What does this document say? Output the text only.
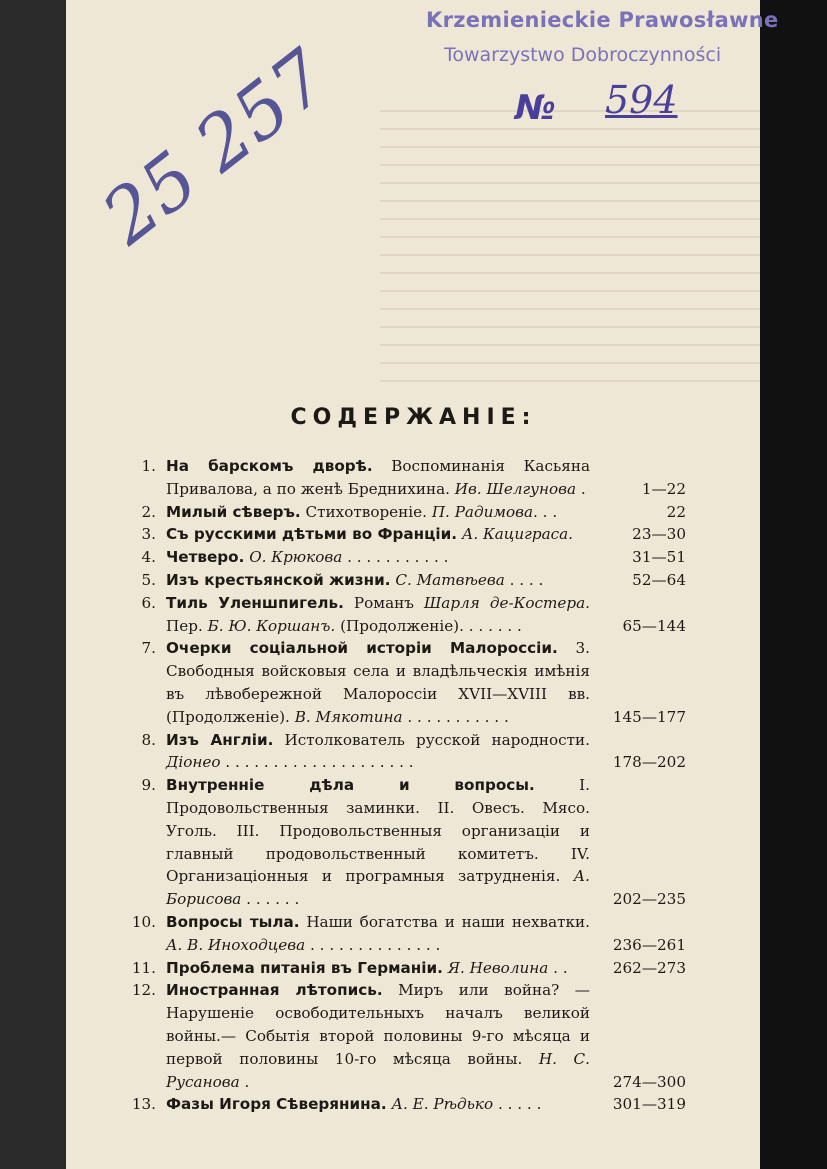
Krzemienieckie Prawosławne
Towarzystwo Dobroczynności
№ 594
25 257
СОДЕРЖАНІЕ:
1. На барскомъ дворѣ. Воспоминанія Касьяна Привалова, а по женѣ Бреднихина. Ив. Шелгунова .	1—22
2. Милый сѣверъ. Стихотвореніе. П. Радимова. . .	22
3. Съ русскими дѣтьми во Франціи. А. Кациграса.	23—30
4. Четверо. О. Крюкова . . . . . . . . . . .	31—51
5. Изъ крестьянской жизни. С. Матвѣева . . . .	52—64
6. Тиль Уленшпигель. Романъ Шарля де-Костера. Пер. Б. Ю. Коршанъ. (Продолженіе). . . . . . .	65—144
7. Очерки соціальной исторіи Малороссіи. 3. Свободныя войсковыя села и владѣльческія имѣнія въ лѣвобережной Малороссіи XVII—XVIII вв. (Продолженіе). В. Мякотина . . . . . . . . . . .	145—177
8. Изъ Англіи. Истолкователь русской народности. Діонео . . . . . . . . . . . . . . . . . . . .	178—202
9. Внутренніе дѣла и вопросы. I. Продовольственныя заминки. II. Овесъ. Мясо. Уголь. III. Продовольственныя организаціи и главный продовольственный комитетъ. IV. Организаціонныя и програмныя затрудненія. А. Борисова . . . . . .	202—235
10. Вопросы тыла. Наши богатства и наши нехватки. А. В. Иноходцева . . . . . . . . . . . . . .	236—261
11. Проблема питанія въ Германіи. Я. Неволина . .	262—273
12. Иностранная лѣтопись. Миръ или война? —Нарушеніе освободительныхъ началъ великой войны.— Событія второй половины 9-го мѣсяца и первой половины 10-го мѣсяца войны. Н. С. Русанова .	274—300
13. Фазы Игоря Сѣверянина. А. Е. Рѣдько . . . . .	301—319
